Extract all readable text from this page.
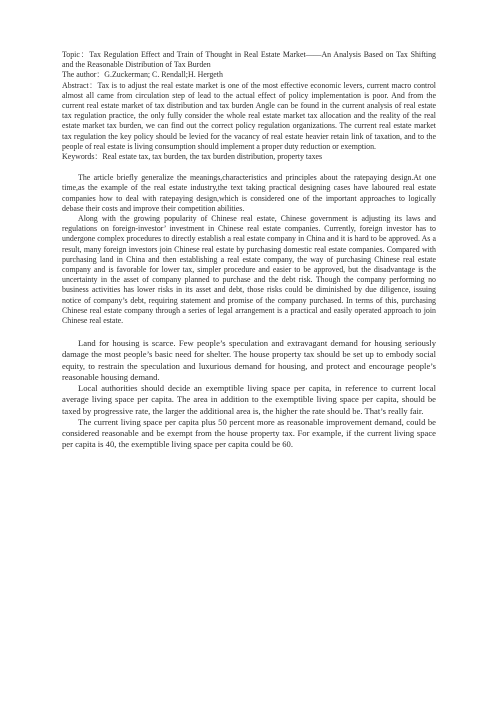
Topic：Tax Regulation Effect and Train of Thought in Real Estate Market——An Analysis Based on Tax Shifting and the Reasonable Distribution of Tax Burden

The author：G.Zuckerman; C. Rendall;H. Hergeth

Abstract：Tax is to adjust the real estate market is one of the most effective economic levers, current macro control almost all came from circulation step of lead to the actual effect of policy implementation is poor. And from the current real estate market of tax distribution and tax burden Angle can be found in the current analysis of real estate tax regulation practice, the only fully consider the whole real estate market tax allocation and the reality of the real estate market tax burden, we can find out the correct policy regulation organizations. The current real estate market tax regulation the key policy should be levied for the vacancy of real estate heavier retain link of taxation, and to the people of real estate is living consumption should implement a proper duty reduction or exemption.

Keywords：Real estate tax, tax burden, the tax burden distribution, property taxes

The article briefly generalize the meanings,characteristics and principles about the ratepaying design.At one time,as the example of the real estate industry,the text taking practical designing cases have laboured real estate companies how to deal with ratepaying design,which is considered one of the important approaches to logically debase their costs and improve their competition abilities.

Along with the growing popularity of Chinese real estate, Chinese government is adjusting its laws and regulations on foreign-investor’ investment in Chinese real estate companies. Currently, foreign investor has to undergone complex procedures to directly establish a real estate company in China and it is hard to be approved. As a result, many foreign investors join Chinese real estate by purchasing domestic real estate companies. Compared with purchasing land in China and then establishing a real estate company, the way of purchasing Chinese real estate company and is favorable for lower tax, simpler procedure and easier to be approved, but the disadvantage is the uncertainty in the asset of company planned to purchase and the debt risk. Though the company performing no business activities has lower risks in its asset and debt, those risks could be diminished by due diligence, issuing notice of company’s debt, requiring statement and promise of the company purchased. In terms of this, purchasing Chinese real estate company through a series of legal arrangement is a practical and easily operated approach to join Chinese real estate.

Land for housing is scarce. Few people’s speculation and extravagant demand for housing seriously damage the most people’s basic need for shelter. The house property tax should be set up to embody social equity, to restrain the speculation and luxurious demand for housing, and protect and encourage people’s reasonable housing demand.

Local authorities should decide an exemptible living space per capita, in reference to current local average living space per capita. The area in addition to the exemptible living space per capita, should be taxed by progressive rate, the larger the additional area is, the higher the rate should be. That’s really fair.

The current living space per capita plus 50 percent more as reasonable improvement demand, could be considered reasonable and be exempt from the house property tax. For example, if the current living space per capita is 40, the exemptible living space per capita could be 60.
